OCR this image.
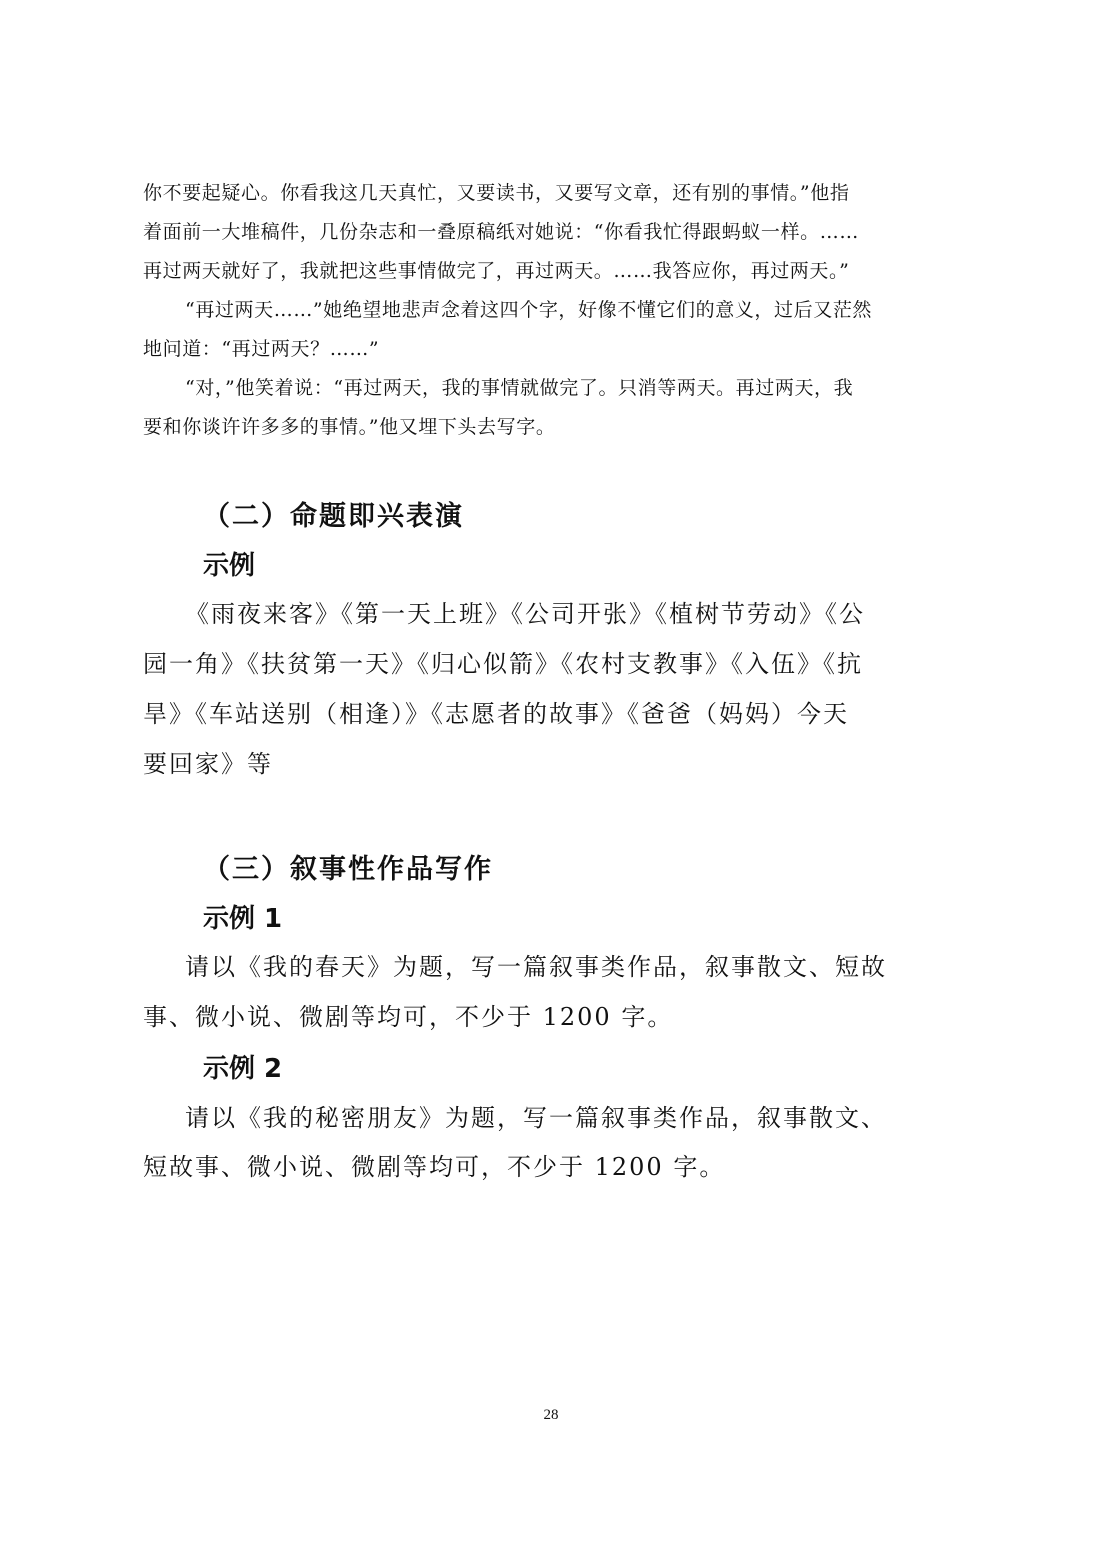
你不要起疑心。你看我这几天真忙，又要读书，又要写文章，还有别的事情。”他指
着面前一大堆稿件，几份杂志和一叠原稿纸对她说：“你看我忙得跟蚂蚁一样。……
再过两天就好了，我就把这些事情做完了，再过两天。……我答应你，再过两天。”
“再过两天……”她绝望地悲声念着这四个字，好像不懂它们的意义，过后又茫然
地问道：“再过两天？……”
“对，”他笑着说：“再过两天，我的事情就做完了。只消等两天。再过两天，我
要和你谈许许多多的事情。”他又埋下头去写字。
（二）命题即兴表演
示例
《雨夜来客》《第一天上班》《公司开张》《植树节劳动》《公
园一角》《扶贫第一天》《归心似箭》《农村支教事》《入伍》《抗
旱》《车站送别（相逢）》《志愿者的故事》《爸爸（妈妈）今天
要回家》等
（三）叙事性作品写作
示例 1
请以《我的春天》为题，写一篇叙事类作品，叙事散文、短故
事、微小说、微剧等均可，不少于 1200 字。
示例 2
请以《我的秘密朋友》为题，写一篇叙事类作品，叙事散文、
短故事、微小说、微剧等均可，不少于 1200 字。
28
